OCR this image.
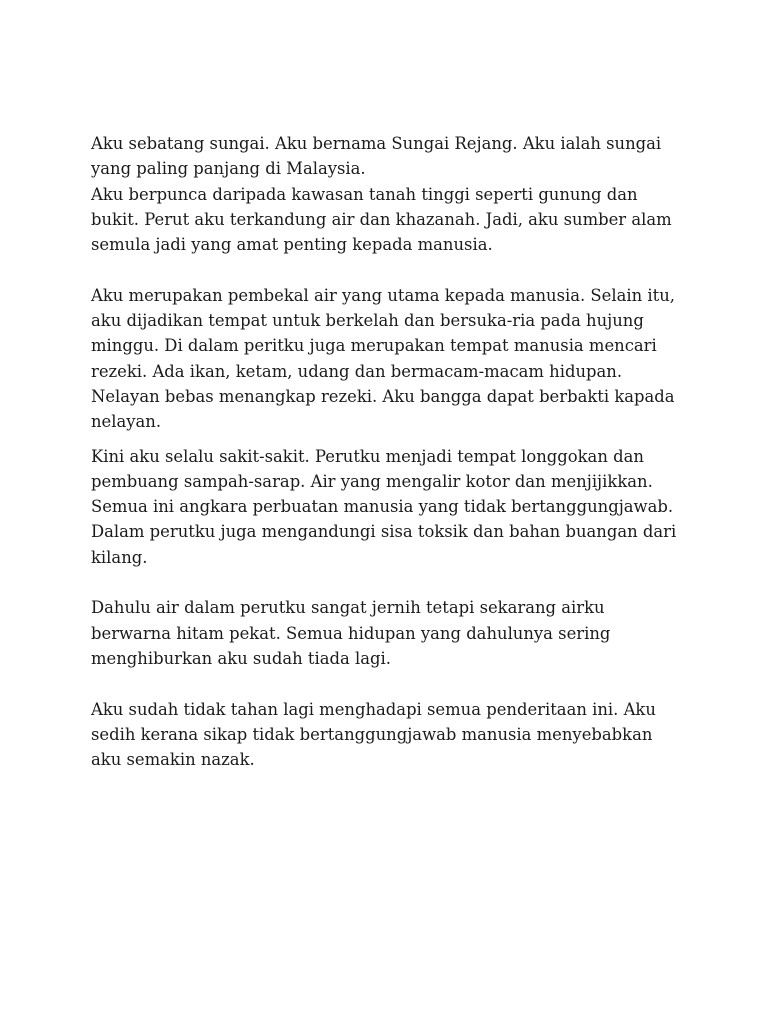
Aku sebatang sungai. Aku bernama Sungai Rejang. Aku ialah sungai
yang paling panjang di Malaysia.
Aku berpunca daripada kawasan tanah tinggi seperti gunung dan
bukit. Perut aku terkandung air dan khazanah. Jadi, aku sumber alam
semula jadi yang amat penting kepada manusia.
Aku merupakan pembekal air yang utama kepada manusia. Selain itu,
aku dijadikan tempat untuk berkelah dan bersuka-ria pada hujung
minggu. Di dalam peritku juga merupakan tempat manusia mencari
rezeki. Ada ikan, ketam, udang dan bermacam-macam hidupan.
Nelayan bebas menangkap rezeki. Aku bangga dapat berbakti kapada
nelayan.
Kini aku selalu sakit-sakit. Perutku menjadi tempat longgokan dan
pembuang sampah-sarap. Air yang mengalir kotor dan menjijikkan.
Semua ini angkara perbuatan manusia yang tidak bertanggungjawab.
Dalam perutku juga mengandungi sisa toksik dan bahan buangan dari
kilang.
Dahulu air dalam perutku sangat jernih tetapi sekarang airku
berwarna hitam pekat. Semua hidupan yang dahulunya sering
menghiburkan aku sudah tiada lagi.
Aku sudah tidak tahan lagi menghadapi semua penderitaan ini. Aku
sedih kerana sikap tidak bertanggungjawab manusia menyebabkan
aku semakin nazak.
